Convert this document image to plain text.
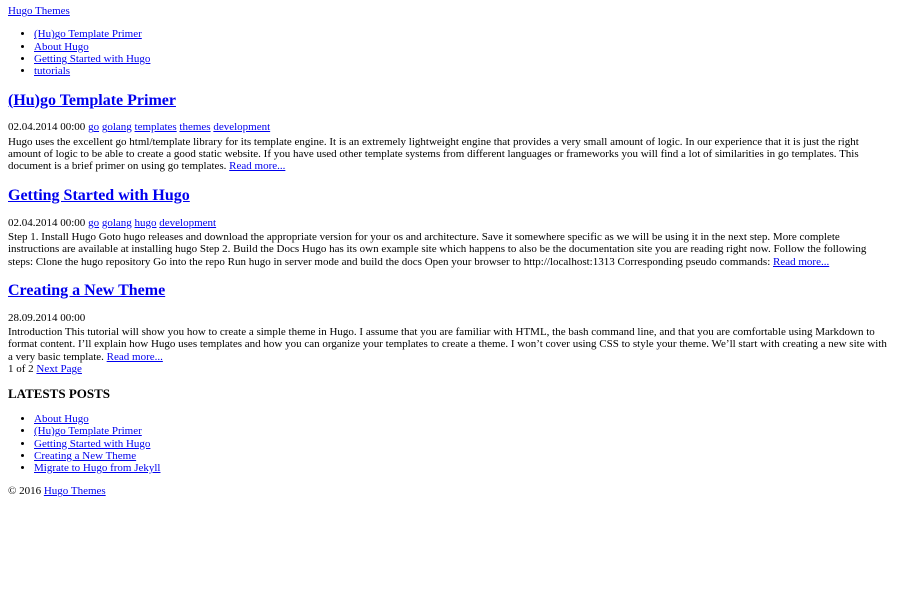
Hugo Themes
• (Hu)go Template Primer
• About Hugo
• Getting Started with Hugo
• tutorials
(Hu)go Template Primer
02.04.2014 00:00 go golang templates themes development

Hugo uses the excellent go html/template library for its template engine. It is an extremely lightweight engine that provides a very small amount of logic. In our experience that it is just the right amount of logic to be able to create a good static website. If you have used other template systems from different languages or frameworks you will find a lot of similarities in go templates. This document is a brief primer on using go templates. Read more...

Getting Started with Hugo
02.04.2014 00:00 go golang hugo development

Step 1. Install Hugo Goto hugo releases and download the appropriate version for your os and architecture. Save it somewhere specific as we will be using it in the next step. More complete instructions are available at installing hugo Step 2. Build the Docs Hugo has its own example site which happens to also be the documentation site you are reading right now. Follow the following steps: Clone the hugo repository Go into the repo Run hugo in server mode and build the docs Open your browser to http://localhost:1313 Corresponding pseudo commands: Read more...

Creating a New Theme
28.09.2014 00:00

Introduction This tutorial will show you how to create a simple theme in Hugo. I assume that you are familiar with HTML, the bash command line, and that you are comfortable using Markdown to format content. I’ll explain how Hugo uses templates and how you can organize your templates to create a theme. I won’t cover using CSS to style your theme. We’ll start with creating a new site with a very basic template. Read more...

1 of 2 Next Page
LATESTS POSTS
• About Hugo
• (Hu)go Template Primer
• Getting Started with Hugo
• Creating a New Theme
• Migrate to Hugo from Jekyll
© 2016 Hugo Themes
